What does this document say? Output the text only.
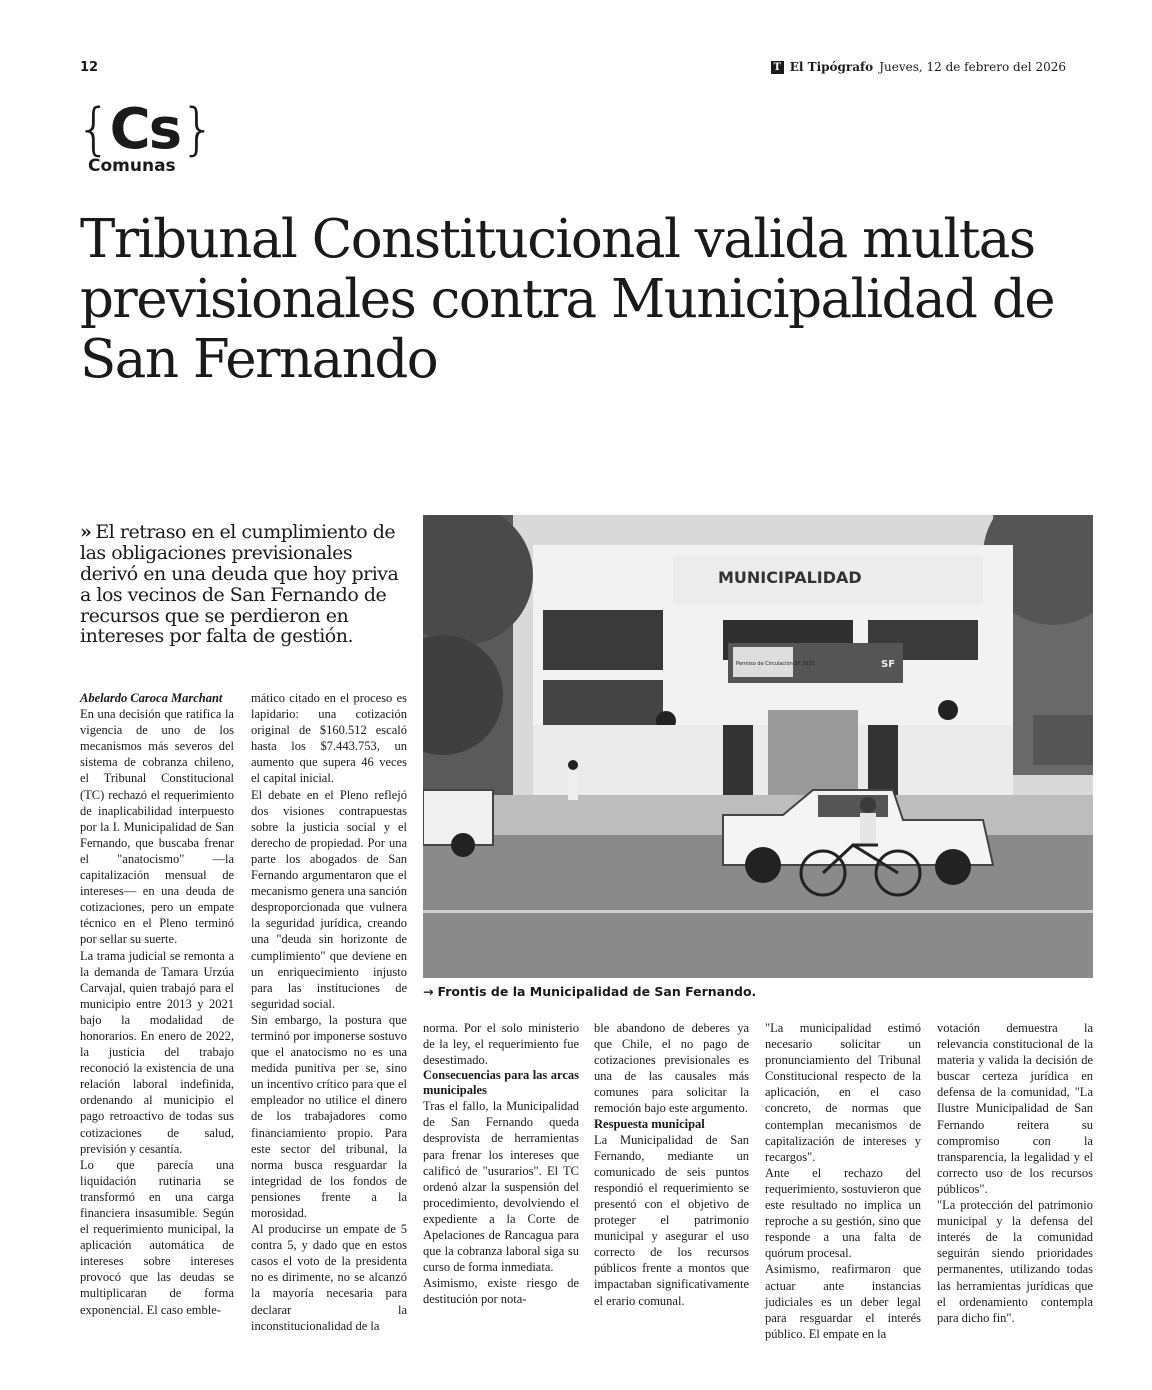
12	T El Tipógrafo Jueves, 12 de febrero del 2026
{Cs}
Comunas
Tribunal Constitucional valida multas previsionales contra Municipalidad de San Fernando
» El retraso en el cumplimiento de las obligaciones previsionales derivó en una deuda que hoy priva a los vecinos de San Fernando de recursos que se perdieron en intereses por falta de gestión.
MUNICIPALIDAD
Permiso de Circulación SF 2025	SF
→ Frontis de la Municipalidad de San Fernando.

Abelardo Caroca Marchant

En una decisión que ratifica la vigencia de uno de los mecanismos más severos del sistema de cobranza chileno, el Tribunal Constitucional (TC) rechazó el requerimiento de inaplicabilidad interpuesto por la I. Municipalidad de San Fernando, que buscaba frenar el "anatocismo" —la capitalización mensual de intereses— en una deuda de cotizaciones, pero un empate técnico en el Pleno terminó por sellar su suerte.

La trama judicial se remonta a la demanda de Tamara Urzúa Carvajal, quien trabajó para el municipio entre 2013 y 2021 bajo la modalidad de honorarios. En enero de 2022, la justicia del trabajo reconoció la existencia de una relación laboral indefinida, ordenando al municipio el pago retroactivo de todas sus cotizaciones de salud, previsión y cesantía.

Lo que parecía una liquidación rutinaria se transformó en una carga financiera insasumible. Según el requerimiento municipal, la aplicación automática de intereses sobre intereses provocó que las deudas se multiplicaran de forma exponencial. El caso emble-

mático citado en el proceso es lapidario: una cotización original de $160.512 escaló hasta los $7.443.753, un aumento que supera 46 veces el capital inicial.

El debate en el Pleno reflejó dos visiones contrapuestas sobre la justicia social y el derecho de propiedad. Por una parte los abogados de San Fernando argumentaron que el mecanismo genera una sanción desproporcionada que vulnera la seguridad jurídica, creando una "deuda sin horizonte de cumplimiento" que deviene en un enriquecimiento injusto para las instituciones de seguridad social.

Sin embargo, la postura que terminó por imponerse sostuvo que el anatocismo no es una medida punitiva per se, sino un incentivo crítico para que el empleador no utilice el dinero de los trabajadores como financiamiento propio. Para este sector del tribunal, la norma busca resguardar la integridad de los fondos de pensiones frente a la morosidad.

Al producirse un empate de 5 contra 5, y dado que en estos casos el voto de la presidenta no es dirimente, no se alcanzó la mayoría necesaria para declarar la inconstitucionalidad de la

norma. Por el solo ministerio de la ley, el requerimiento fue desestimado.

Consecuencias para las arcas municipales

Tras el fallo, la Municipalidad de San Fernando queda desprovista de herramientas para frenar los intereses que calificó de "usurarios". El TC ordenó alzar la suspensión del procedimiento, devolviendo el expediente a la Corte de Apelaciones de Rancagua para que la cobranza laboral siga su curso de forma inmediata.

Asimismo, existe riesgo de destitución por nota-

ble abandono de deberes ya que Chile, el no pago de cotizaciones previsionales es una de las causales más comunes para solicitar la remoción bajo este argumento.

Respuesta municipal

La Municipalidad de San Fernando, mediante un comunicado de seis puntos respondió el requerimiento se presentó con el objetivo de proteger el patrimonio municipal y asegurar el uso correcto de los recursos públicos frente a montos que impactaban significativamente el erario comunal.

"La municipalidad estimó necesario solicitar un pronunciamiento del Tribunal Constitucional respecto de la aplicación, en el caso concreto, de normas que contemplan mecanismos de capitalización de intereses y recargos".

Ante el rechazo del requerimiento, sostuvieron que este resultado no implica un reproche a su gestión, sino que responde a una falta de quórum procesal.

Asimismo, reafirmaron que actuar ante instancias judiciales es un deber legal para resguardar el interés público. El empate en la

votación demuestra la relevancia constitucional de la materia y valida la decisión de buscar certeza jurídica en defensa de la comunidad, "La Ilustre Municipalidad de San Fernando reitera su compromiso con la transparencia, la legalidad y el correcto uso de los recursos públicos".

"La protección del patrimonio municipal y la defensa del interés de la comunidad seguirán siendo prioridades permanentes, utilizando todas las herramientas jurídicas que el ordenamiento contempla para dicho fin".
